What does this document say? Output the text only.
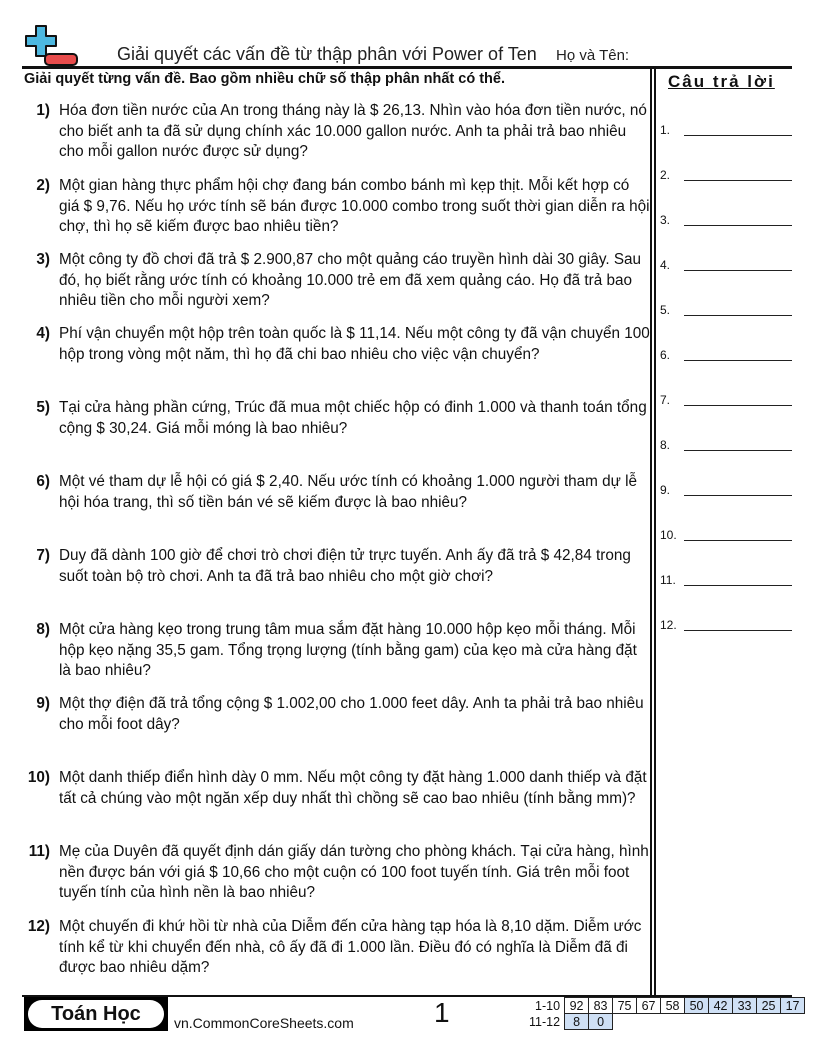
Giải quyết các vấn đề từ thập phân với Power of Ten Họ và Tên:
Giải quyết từng vấn đề. Bao gồm nhiều chữ số thập phân nhất có thể.	Câu trả lời
1) Hóa đơn tiền nước của An trong tháng này là $ 26,13. Nhìn vào hóa đơn tiền nước, nó cho biết anh ta đã sử dụng chính xác 10.000 gallon nước. Anh ta phải trả bao nhiêu cho mỗi gallon nước được sử dụng?
2) Một gian hàng thực phẩm hội chợ đang bán combo bánh mì kẹp thịt. Mỗi kết hợp có giá $ 9,76. Nếu họ ước tính sẽ bán được 10.000 combo trong suốt thời gian diễn ra hội chợ, thì họ sẽ kiếm được bao nhiêu tiền?
3) Một công ty đồ chơi đã trả $ 2.900,87 cho một quảng cáo truyền hình dài 30 giây. Sau đó, họ biết rằng ước tính có khoảng 10.000 trẻ em đã xem quảng cáo. Họ đã trả bao nhiêu tiền cho mỗi người xem?
4) Phí vận chuyển một hộp trên toàn quốc là $ 11,14. Nếu một công ty đã vận chuyển 100 hộp trong vòng một năm, thì họ đã chi bao nhiêu cho việc vận chuyển?
5) Tại cửa hàng phần cứng, Trúc đã mua một chiếc hộp có đinh 1.000 và thanh toán tổng cộng $ 30,24. Giá mỗi móng là bao nhiêu?
6) Một vé tham dự lễ hội có giá $ 2,40. Nếu ước tính có khoảng 1.000 người tham dự lễ hội hóa trang, thì số tiền bán vé sẽ kiếm được là bao nhiêu?
7) Duy đã dành 100 giờ để chơi trò chơi điện tử trực tuyến. Anh ấy đã trả $ 42,84 trong suốt toàn bộ trò chơi. Anh ta đã trả bao nhiêu cho một giờ chơi?
8) Một cửa hàng kẹo trong trung tâm mua sắm đặt hàng 10.000 hộp kẹo mỗi tháng. Mỗi hộp kẹo nặng 35,5 gam. Tổng trọng lượng (tính bằng gam) của kẹo mà cửa hàng đặt là bao nhiêu?
9) Một thợ điện đã trả tổng cộng $ 1.002,00 cho 1.000 feet dây. Anh ta phải trả bao nhiêu cho mỗi foot dây?
10) Một danh thiếp điển hình dày 0 mm. Nếu một công ty đặt hàng 1.000 danh thiếp và đặt tất cả chúng vào một ngăn xếp duy nhất thì chồng sẽ cao bao nhiêu (tính bằng mm)?
11) Mẹ của Duyên đã quyết định dán giấy dán tường cho phòng khách. Tại cửa hàng, hình nền được bán với giá $ 10,66 cho một cuộn có 100 foot tuyến tính. Giá trên mỗi foot tuyến tính của hình nền là bao nhiêu?
12) Một chuyến đi khứ hồi từ nhà của Diễm đến cửa hàng tạp hóa là 8,10 dặm. Diễm ước tính kể từ khi chuyển đến nhà, cô ấy đã đi 1.000 lần. Điều đó có nghĩa là Diễm đã đi được bao nhiêu dặm?
1.
2.
3.
4.
5.
6.
7.
8.
9.
10.
11.
12.
Toán Học	vn.CommonCoreSheets.com	1	1-10	92	83	75	67	58	50	42	33	25	17
11-12	8	0								
